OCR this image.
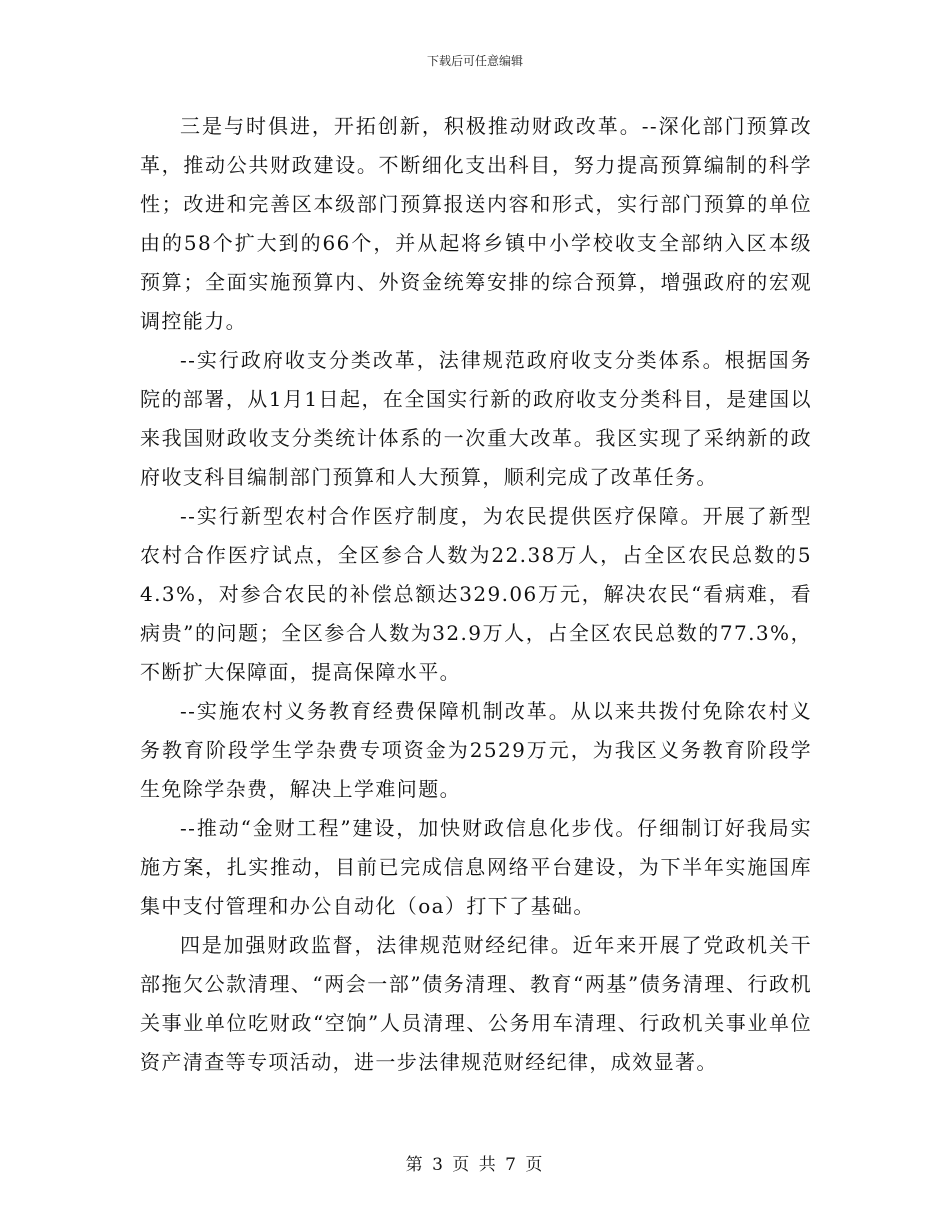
下载后可任意编辑

三是与时俱进，开拓创新，积极推动财政改革。--深化部门预算改革，推动公共财政建设。不断细化支出科目，努力提高预算编制的科学性；改进和完善区本级部门预算报送内容和形式，实行部门预算的单位由的58个扩大到的66个，并从起将乡镇中小学校收支全部纳入区本级预算；全面实施预算内、外资金统筹安排的综合预算，增强政府的宏观调控能力。

--实行政府收支分类改革，法律规范政府收支分类体系。根据国务院的部署，从1月1日起，在全国实行新的政府收支分类科目，是建国以来我国财政收支分类统计体系的一次重大改革。我区实现了采纳新的政府收支科目编制部门预算和人大预算，顺利完成了改革任务。

--实行新型农村合作医疗制度，为农民提供医疗保障。开展了新型农村合作医疗试点，全区参合人数为22.38万人，占全区农民总数的54.3%，对参合农民的补偿总额达329.06万元，解决农民“看病难，看病贵”的问题；全区参合人数为32.9万人，占全区农民总数的77.3%，不断扩大保障面，提高保障水平。

--实施农村义务教育经费保障机制改革。从以来共拨付免除农村义务教育阶段学生学杂费专项资金为2529万元，为我区义务教育阶段学生免除学杂费，解决上学难问题。

--推动“金财工程”建设，加快财政信息化步伐。仔细制订好我局实施方案，扎实推动，目前已完成信息网络平台建设，为下半年实施国库集中支付管理和办公自动化（oa）打下了基础。

四是加强财政监督，法律规范财经纪律。近年来开展了党政机关干部拖欠公款清理、“两会一部”债务清理、教育“两基”债务清理、行政机关事业单位吃财政“空饷”人员清理、公务用车清理、行政机关事业单位资产清查等专项活动，进一步法律规范财经纪律，成效显著。

第 3 页 共 7 页
